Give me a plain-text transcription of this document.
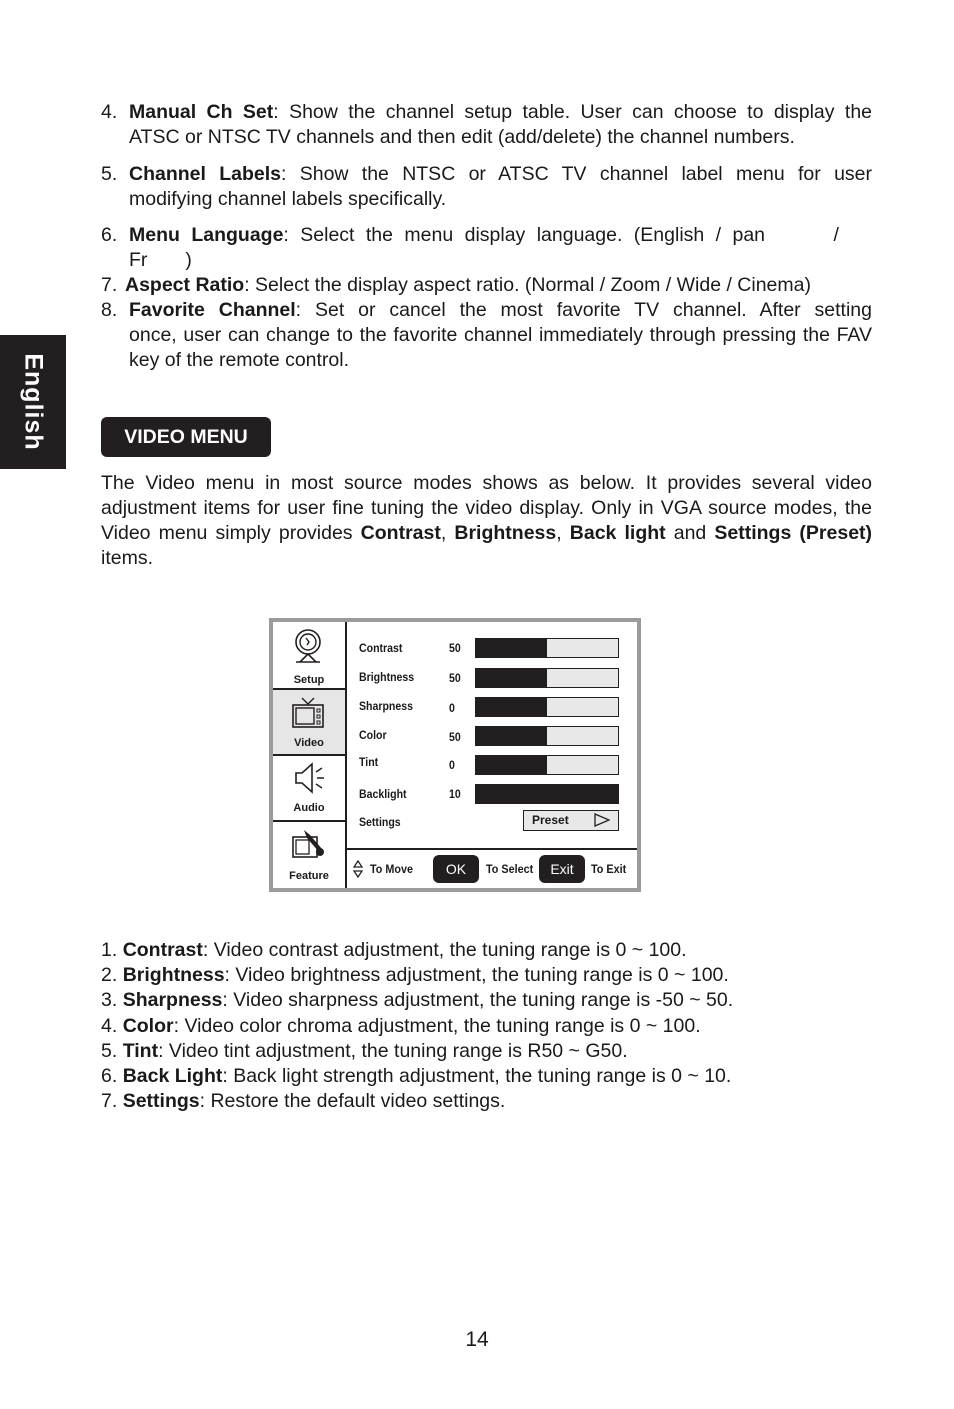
English
4. Manual Ch Set: Show the channel setup table. User can choose to display the
ATSC or NTSC TV channels and then edit (add/delete) the channel numbers.
5. Channel Labels: Show the NTSC or ATSC TV channel label menu for user
modifying channel labels specifically.
6. Menu Language: Select the menu display language. (English / pan      /
Fr       )
7. Aspect Ratio: Select the display aspect ratio. (Normal / Zoom / Wide / Cinema)
8. Favorite Channel: Set or cancel the most favorite TV channel. After setting
once, user can change to the favorite channel immediately through pressing the FAV key of the remote control.
VIDEO MENU
The Video menu in most source modes shows as below. It provides several video adjustment items for user fine tuning the video display. Only in VGA source modes, the Video menu simply provides Contrast, Brightness, Back light and Settings (Preset) items.
Setup
Video
Audio
Feature
Contrast	50
Brightness	50
Sharpness	0
Color	50
Tint	0
Backlight	10
Settings	Preset
To Move	OK	To Select	Exit	To Exit
1. Contrast: Video contrast adjustment, the tuning range is 0 ~ 100.
2. Brightness: Video brightness adjustment, the tuning range is 0 ~ 100.
3. Sharpness: Video sharpness adjustment, the tuning range is -50 ~ 50.
4. Color: Video color chroma adjustment, the tuning range is 0 ~ 100.
5. Tint: Video tint adjustment, the tuning range is R50 ~ G50.
6. Back Light: Back light strength adjustment, the tuning range is 0 ~ 10.
7. Settings: Restore the default video settings.
14
